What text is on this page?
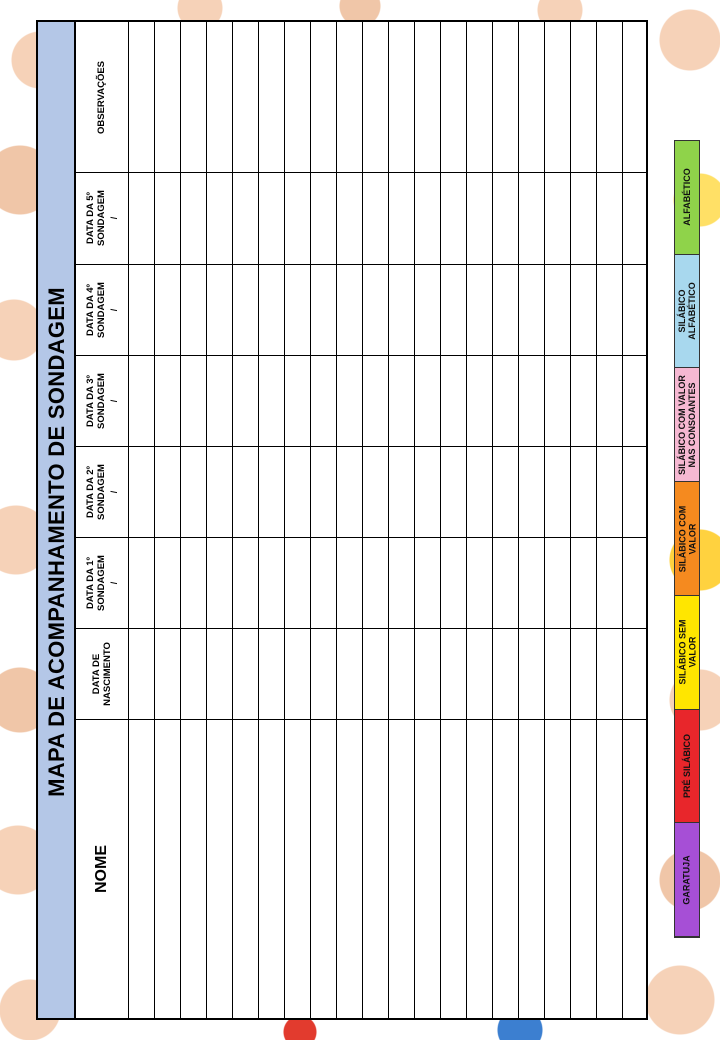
MAPA DE ACOMPANHAMENTO DE SONDAGEM
OBSERVAÇÕES
DATA DA 5º
SONDAGEM /
DATA DA 4º
SONDAGEM /
DATA DA 3º
SONDAGEM /
DATA DA 2º
SONDAGEM /
DATA DA 1º
SONDAGEM /
DATA DE
NASCIMENTO
NOME	GARATUJA
PRÉ SILÁBICO
SILÁBICO SEM
VALOR
SILÁBICO COM
VALOR
SILÁBICO COM VALOR
NAS CONSOANTES
SILÁBICO
ALFABÉTICO
ALFABÉTICO
